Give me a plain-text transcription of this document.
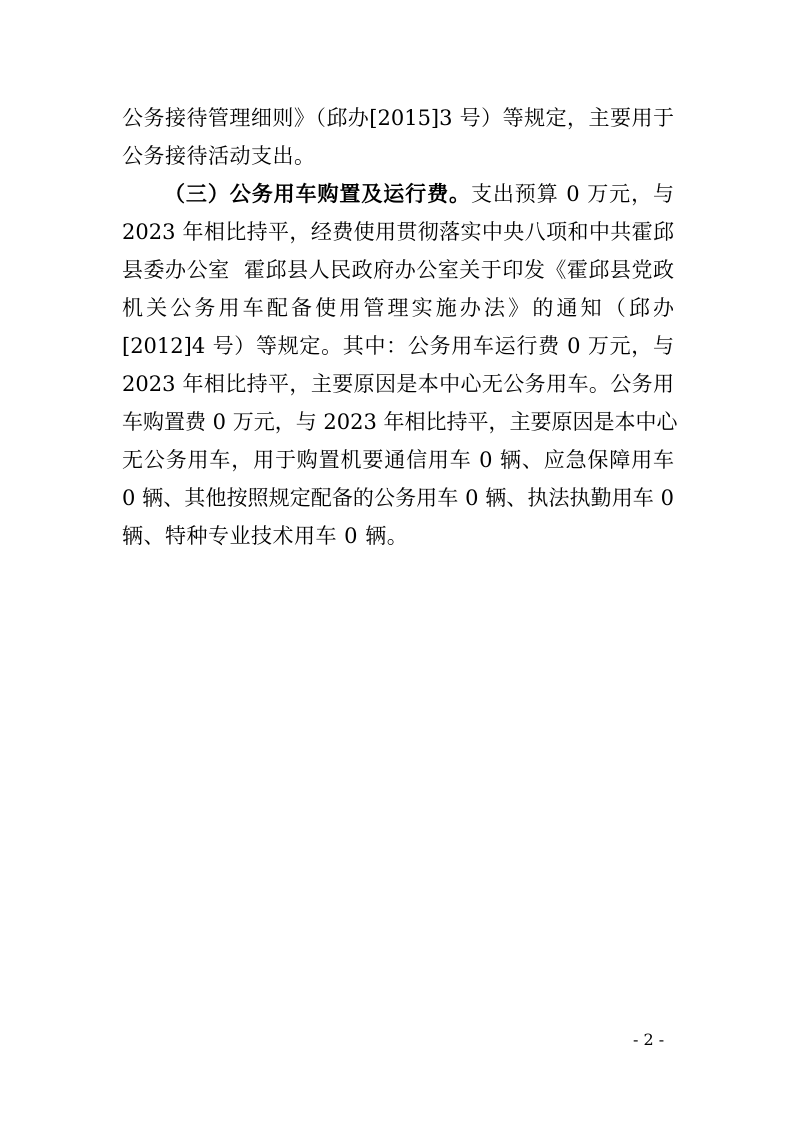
公务接待管理细则》（邱办[2015]3 号）等规定，主要用于
公务接待活动支出。
（三）公务用车购置及运行费。支出预算 0 万元，与
2023 年相比持平，经费使用贯彻落实中央八项和中共霍邱
县委办公室  霍邱县人民政府办公室关于印发《霍邱县党政
机关公务用车配备使用管理实施办法》的通知（邱办
[2012]4 号）等规定。其中：公务用车运行费 0 万元，与
2023 年相比持平，主要原因是本中心无公务用车。公务用
车购置费 0 万元，与 2023 年相比持平，主要原因是本中心
无公务用车，用于购置机要通信用车 0 辆、应急保障用车
0 辆、其他按照规定配备的公务用车 0 辆、执法执勤用车 0
辆、特种专业技术用车 0 辆。
- 2 -
